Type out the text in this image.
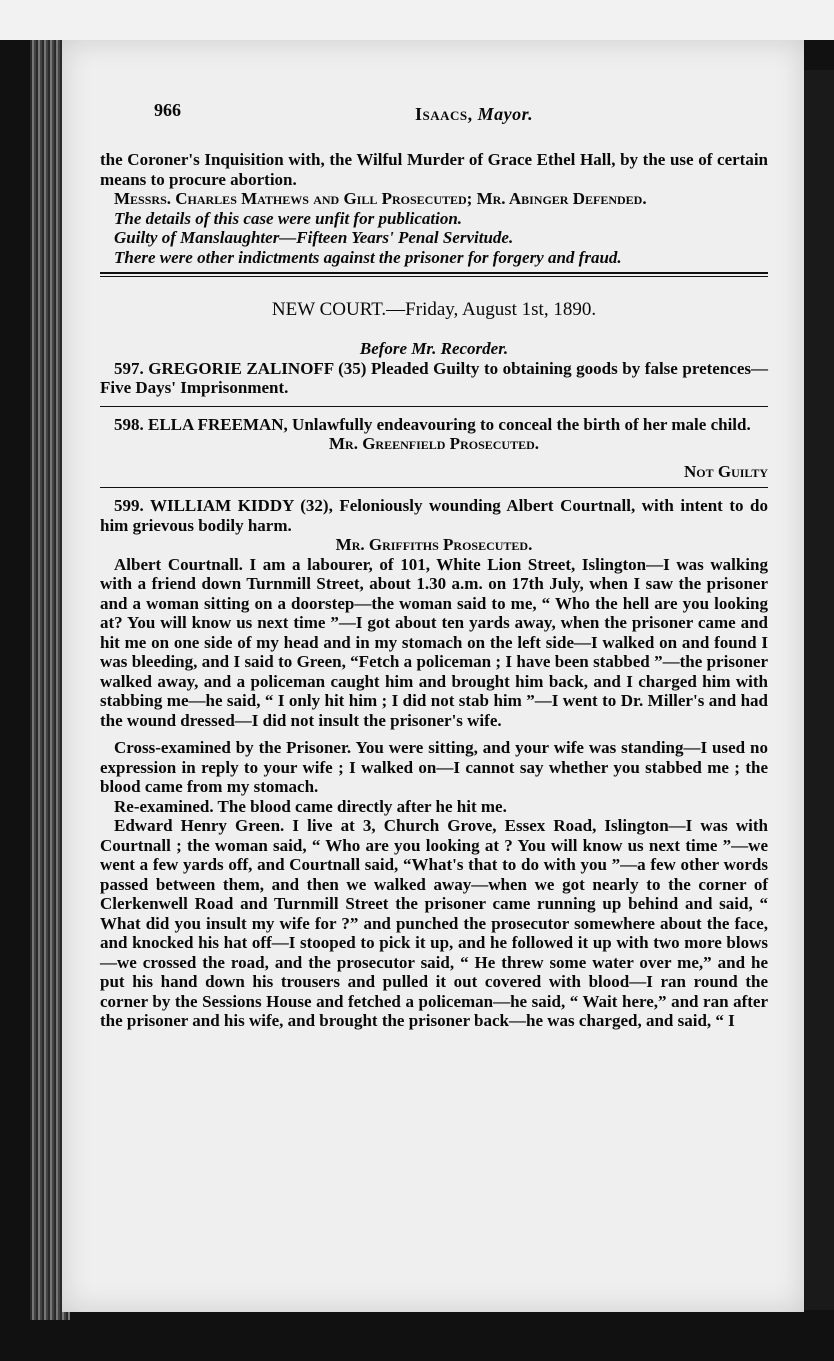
966	Isaacs, Mayor.

the Coroner's Inquisition with, the Wilful Murder of Grace Ethel Hall, by the use of certain means to procure abortion.

Messrs. Charles Mathews and Gill Prosecuted; Mr. Abinger Defended.

The details of this case were unfit for publication.

Guilty of Manslaughter—Fifteen Years' Penal Servitude.

There were other indictments against the prisoner for forgery and fraud.

NEW COURT.—Friday, August 1st, 1890.

Before Mr. Recorder.

597. GREGORIE ZALINOFF (35) Pleaded Guilty to obtaining goods by false pretences—Five Days' Imprisonment.

598. ELLA FREEMAN, Unlawfully endeavouring to conceal the birth of her male child.

Mr. Greenfield Prosecuted.

Not Guilty

599. WILLIAM KIDDY (32), Feloniously wounding Albert Courtnall, with intent to do him grievous bodily harm.

Mr. Griffiths Prosecuted.

Albert Courtnall. I am a labourer, of 101, White Lion Street, Islington—I was walking with a friend down Turnmill Street, about 1.30 a.m. on 17th July, when I saw the prisoner and a woman sitting on a doorstep—the woman said to me, “ Who the hell are you looking at? You will know us next time ”—I got about ten yards away, when the prisoner came and hit me on one side of my head and in my stomach on the left side—I walked on and found I was bleeding, and I said to Green, “Fetch a policeman ; I have been stabbed ”—the prisoner walked away, and a policeman caught him and brought him back, and I charged him with stabbing me—he said, “ I only hit him ; I did not stab him ”—I went to Dr. Miller's and had the wound dressed—I did not insult the prisoner's wife.

Cross-examined by the Prisoner. You were sitting, and your wife was standing—I used no expression in reply to your wife ; I walked on—I cannot say whether you stabbed me ; the blood came from my stomach.

Re-examined. The blood came directly after he hit me.

Edward Henry Green. I live at 3, Church Grove, Essex Road, Islington—I was with Courtnall ; the woman said, “ Who are you looking at ? You will know us next time ”—we went a few yards off, and Courtnall said, “What's that to do with you ”—a few other words passed between them, and then we walked away—when we got nearly to the corner of Clerkenwell Road and Turnmill Street the prisoner came running up behind and said, “ What did you insult my wife for ?” and punched the prosecutor somewhere about the face, and knocked his hat off—I stooped to pick it up, and he followed it up with two more blows—we crossed the road, and the prosecutor said, “ He threw some water over me,” and he put his hand down his trousers and pulled it out covered with blood—I ran round the corner by the Sessions House and fetched a policeman—he said, “ Wait here,” and ran after the prisoner and his wife, and brought the prisoner back—he was charged, and said, “ I
